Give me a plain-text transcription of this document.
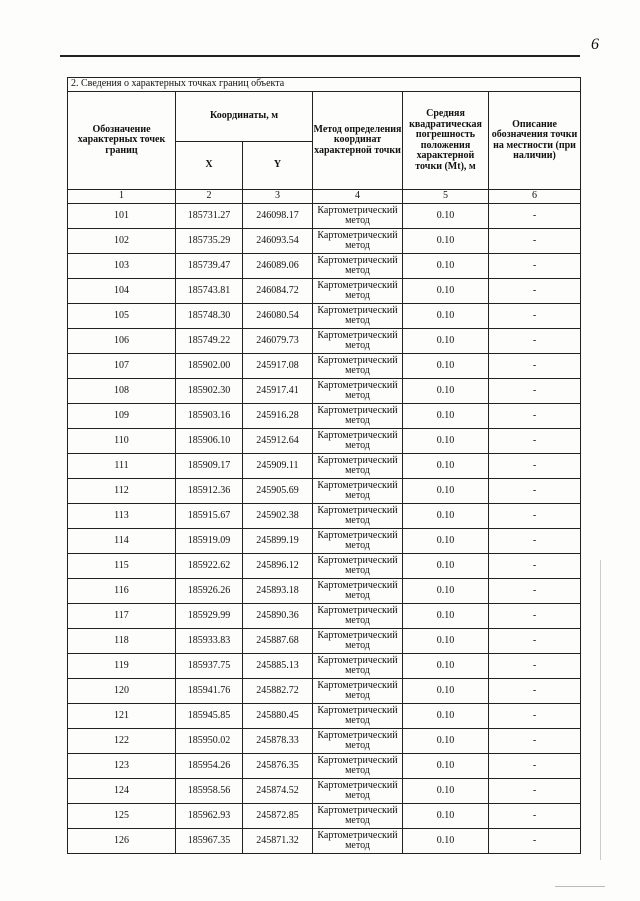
6
2. Сведения о характерных точках границ объекта					
Обозначение характерных точек границ	Координаты, м		Метод определения координат характерной точки	Средняя квадратическая погрешность положения характерной точки (Mt), м	Описание обозначения точки на местности (при наличии)
	X	Y			
1	2	3	4	5	6
101	185731.27	246098.17	Картометрический метод	0.10	-
102	185735.29	246093.54	Картометрический метод	0.10	-
103	185739.47	246089.06	Картометрический метод	0.10	-
104	185743.81	246084.72	Картометрический метод	0.10	-
105	185748.30	246080.54	Картометрический метод	0.10	-
106	185749.22	246079.73	Картометрический метод	0.10	-
107	185902.00	245917.08	Картометрический метод	0.10	-
108	185902.30	245917.41	Картометрический метод	0.10	-
109	185903.16	245916.28	Картометрический метод	0.10	-
110	185906.10	245912.64	Картометрический метод	0.10	-
111	185909.17	245909.11	Картометрический метод	0.10	-
112	185912.36	245905.69	Картометрический метод	0.10	-
113	185915.67	245902.38	Картометрический метод	0.10	-
114	185919.09	245899.19	Картометрический метод	0.10	-
115	185922.62	245896.12	Картометрический метод	0.10	-
116	185926.26	245893.18	Картометрический метод	0.10	-
117	185929.99	245890.36	Картометрический метод	0.10	-
118	185933.83	245887.68	Картометрический метод	0.10	-
119	185937.75	245885.13	Картометрический метод	0.10	-
120	185941.76	245882.72	Картометрический метод	0.10	-
121	185945.85	245880.45	Картометрический метод	0.10	-
122	185950.02	245878.33	Картометрический метод	0.10	-
123	185954.26	245876.35	Картометрический метод	0.10	-
124	185958.56	245874.52	Картометрический метод	0.10	-
125	185962.93	245872.85	Картометрический метод	0.10	-
126	185967.35	245871.32	Картометрический метод	0.10	-
